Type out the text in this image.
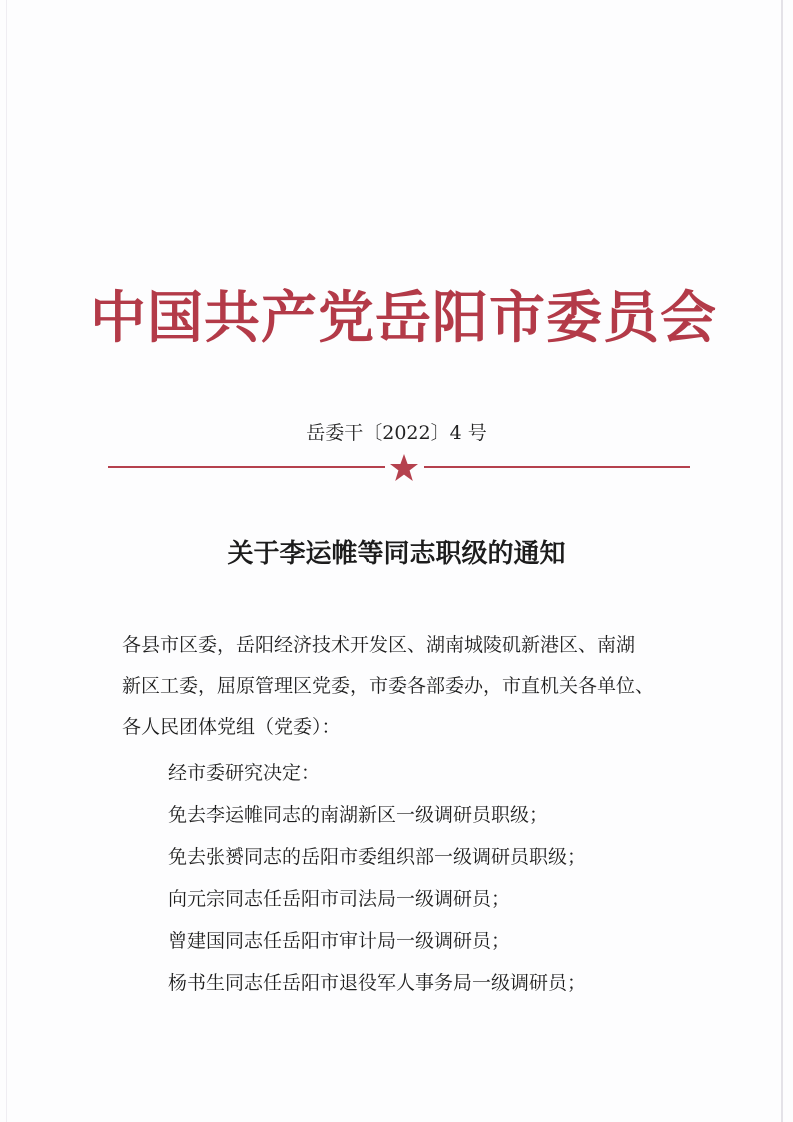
中国共产党岳阳市委员会
岳委干〔2022〕4 号
关于李运帷等同志职级的通知
各县市区委，岳阳经济技术开发区、湖南城陵矶新港区、南湖
新区工委，屈原管理区党委，市委各部委办，市直机关各单位、
各人民团体党组（党委）：
经市委研究决定：
免去李运帷同志的南湖新区一级调研员职级；
免去张赟同志的岳阳市委组织部一级调研员职级；
向元宗同志任岳阳市司法局一级调研员；
曾建国同志任岳阳市审计局一级调研员；
杨书生同志任岳阳市退役军人事务局一级调研员；
